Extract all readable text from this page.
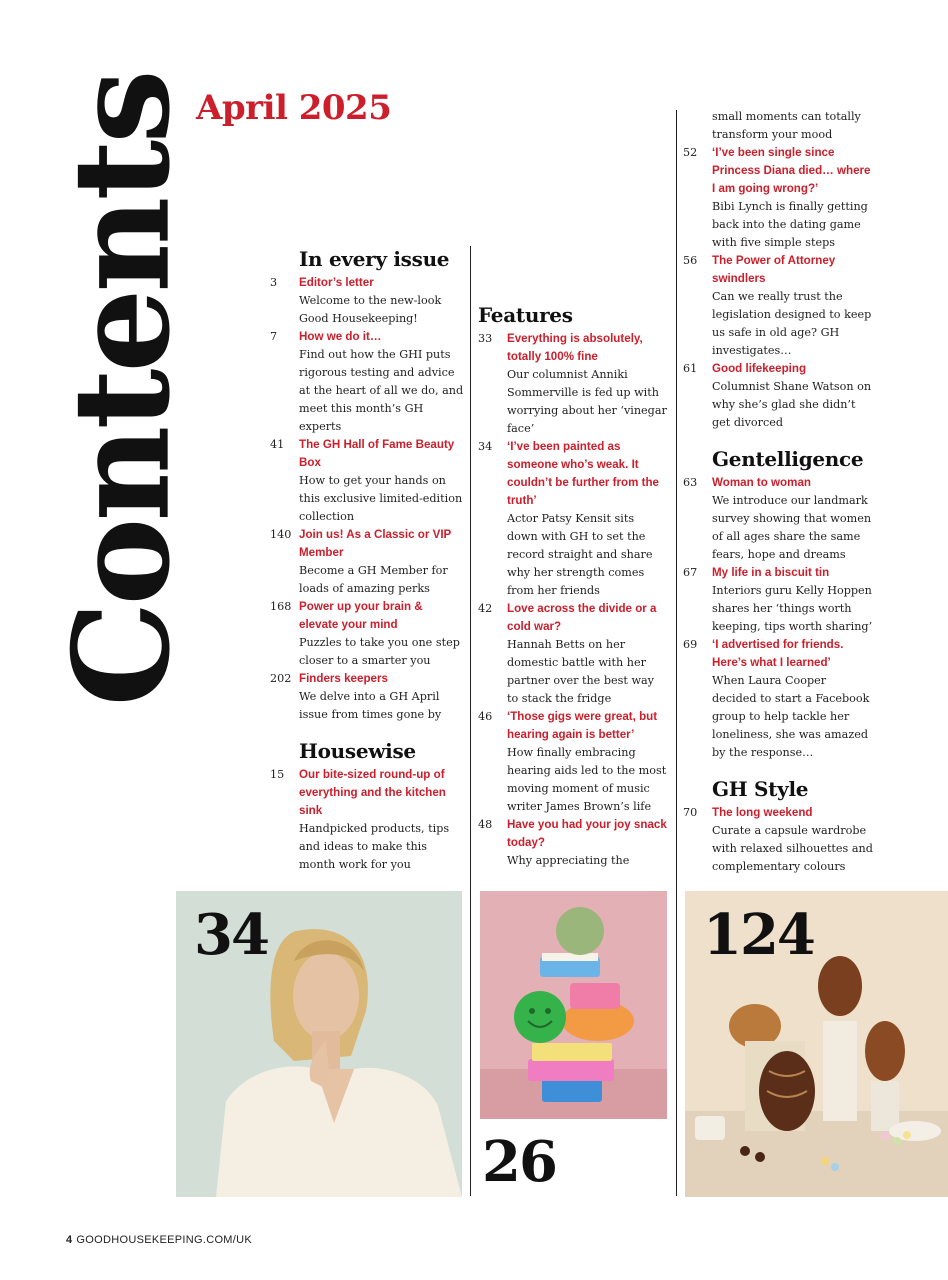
Contents
April 2025
In every issue
3	Editor’s letter
Welcome to the new-look Good Housekeeping!
7	How we do it…
Find out how the GHI puts rigorous testing and advice at the heart of all we do, and meet this month’s GH experts
41	The GH Hall of Fame Beauty Box
How to get your hands on this exclusive limited-edition collection
140 Join us! As a Classic or VIP Member
Become a GH Member for loads of amazing perks
168 Power up your brain & elevate your mind
Puzzles to take you one step closer to a smarter you
202 Finders keepers
We delve into a GH April issue from times gone by
Housewise
15	Our bite-sized round-up of everything and the kitchen sink
Handpicked products, tips and ideas to make this month work for you
Features
33	Everything is absolutely, totally 100% fine
Our columnist Anniki Sommerville is fed up with worrying about her ‘vinegar face’
34	‘I’ve been painted as someone who’s weak. It couldn’t be further from the truth’
Actor Patsy Kensit sits down with GH to set the record straight and share why her strength comes from her friends
42	Love across the divide or a cold war?
Hannah Betts on her domestic battle with her partner over the best way to stack the fridge
46	‘Those gigs were great, but hearing again is better’
How finally embracing hearing aids led to the most moving moment of music writer James Brown’s life
48	Have you had your joy snack today?
Why appreciating the
small moments can totally transform your mood
52	‘I’ve been single since Princess Diana died… where I am going wrong?’
Bibi Lynch is finally getting back into the dating game with five simple steps
56	The Power of Attorney swindlers
Can we really trust the legislation designed to keep us safe in old age? GH investigates…
61	Good lifekeeping
Columnist Shane Watson on why she’s glad she didn’t get divorced
Gentelligence
63	Woman to woman
We introduce our landmark survey showing that women of all ages share the same fears, hope and dreams
67	My life in a biscuit tin
Interiors guru Kelly Hoppen shares her ‘things worth keeping, tips worth sharing’
69	‘I advertised for friends. Here’s what I learned’
When Laura Cooper decided to start a Facebook group to help tackle her loneliness, she was amazed by the response…
GH Style
70	The long weekend
Curate a capsule wardrobe with relaxed silhouettes and complementary colours
34
26
124
4 GOODHOUSEKEEPING.COM/UK
